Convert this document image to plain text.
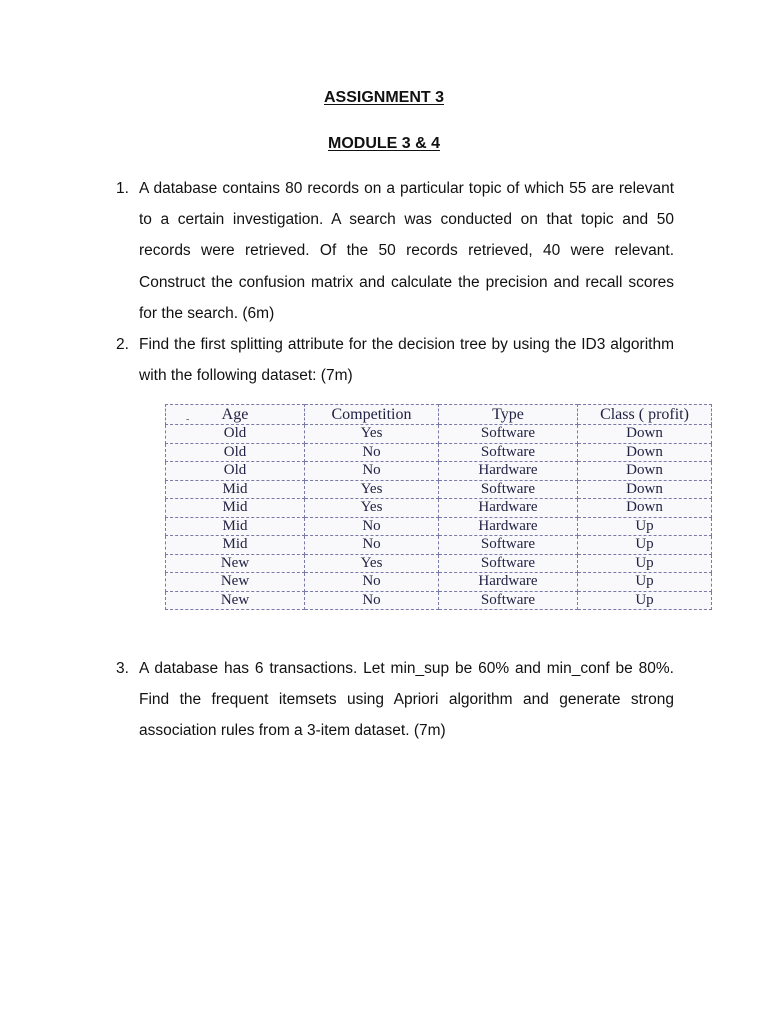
ASSIGNMENT 3
MODULE 3 & 4
1. A database contains 80 records on a particular topic of which 55 are relevant to a certain investigation. A search was conducted on that topic and 50 records were retrieved. Of the 50 records retrieved, 40 were relevant. Construct the confusion matrix and calculate the precision and recall scores for the search. (6m)
2. Find the first splitting attribute for the decision tree by using the ID3 algorithm with the following dataset: (7m)
- Age	Competition	Type	Class ( profit)
Old	Yes	Software	Down
Old	No	Software	Down
Old	No	Hardware	Down
Mid	Yes	Software	Down
Mid	Yes	Hardware	Down
Mid	No	Hardware	Up
Mid	No	Software	Up
New	Yes	Software	Up
New	No	Hardware	Up
New	No	Software	Up
3. A database has 6 transactions. Let min_sup be 60% and min_conf be 80%. Find the frequent itemsets using Apriori algorithm and generate strong association rules from a 3-item dataset. (7m)
